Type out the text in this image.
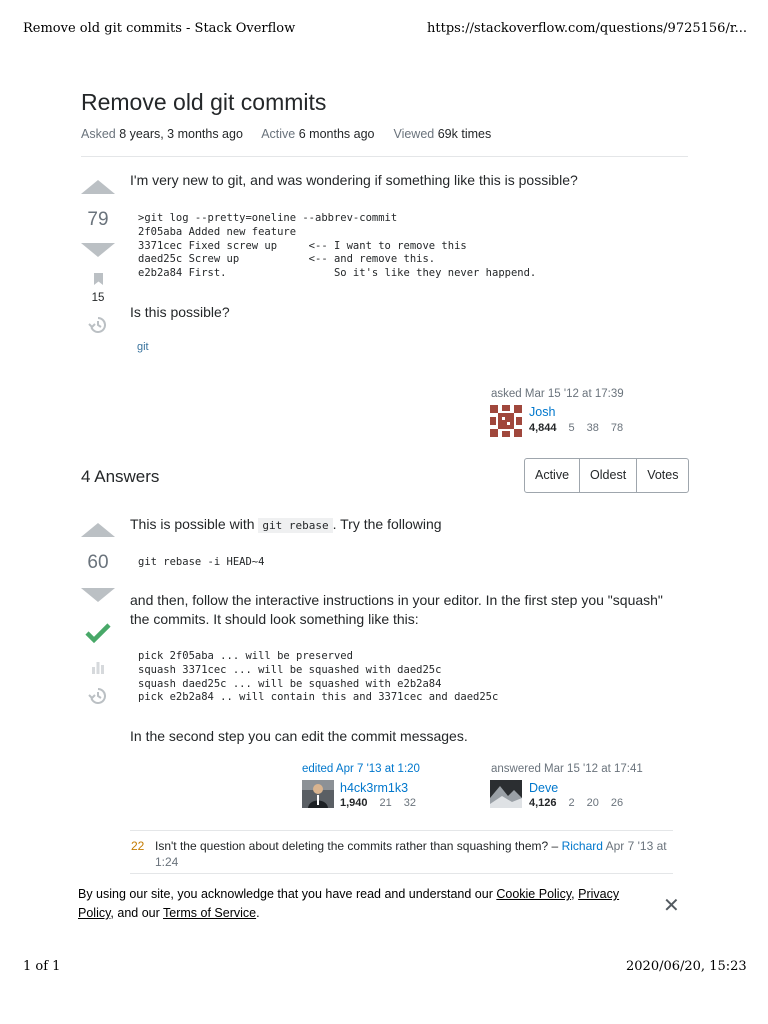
Remove old git commits - Stack Overflow	https://stackoverflow.com/questions/9725156/r...
Remove old git commits
Asked 8 years, 3 months ago Active 6 months ago Viewed 69k times
79
15
I'm very new to git, and was wondering if something like this is possible?
>git log --pretty=oneline --abbrev-commit
2f05aba Added new feature
3371cec Fixed screw up     <-- I want to remove this
daed25c Screw up           <-- and remove this.
e2b2a84 First.                 So it's like they never happend.
Is this possible?
git
asked Mar 15 '12 at 17:39
Josh
4,844 5 38 78
4 Answers	Active	Oldest	Votes
60
This is possible with git rebase . Try the following
git rebase -i HEAD~4
and then, follow the interactive instructions in your editor. In the first step you "squash" the commits. It should look something like this:
pick 2f05aba ... will be preserved
squash 3371cec ... will be squashed with daed25c
squash daed25c ... will be squashed with e2b2a84
pick e2b2a84 .. will contain this and 3371cec and daed25c
In the second step you can edit the commit messages.
edited Apr 7 '13 at 1:20
h4ck3rm1k3
1,940 21 32
answered Mar 15 '12 at 17:41
Deve
4,126 2 20 26
22 Isn't the question about deleting the commits rather than squashing them? – Richard Apr 7 '13 at 1:24
By using our site, you acknowledge that you have read and understand our Cookie Policy, Privacy Policy, and our Terms of Service.	✕
1 of 1	2020/06/20, 15:23
